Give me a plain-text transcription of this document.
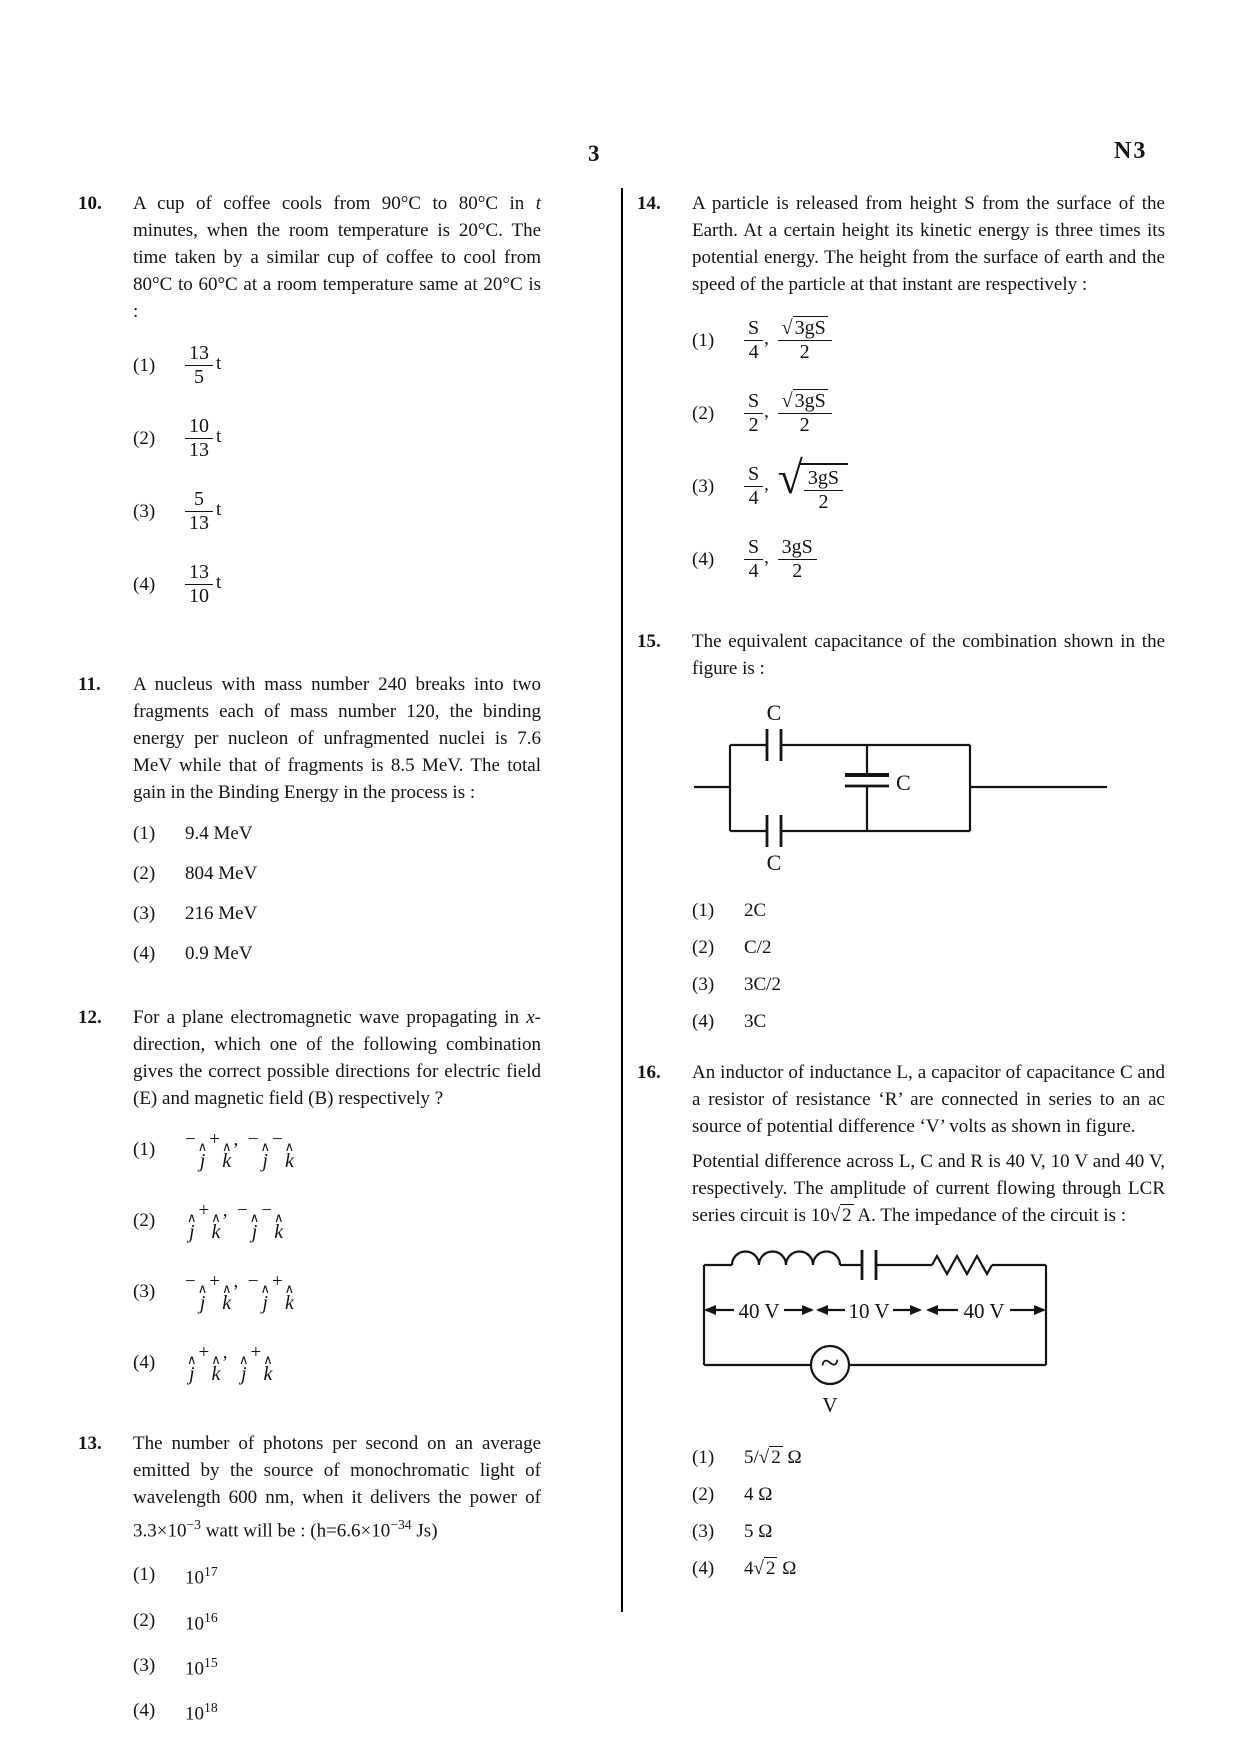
3	N3
10.	A cup of coffee cools from 90°C to 80°C in t minutes, when the room temperature is 20°C. The time taken by a similar cup of coffee to cool from 80°C to 60°C at a room temperature same at 20°C is :

(1)	$\frac{13}{5}$ t
(2)	$\frac{10}{13}$ t
(3)	$\frac{5}{13}$ t
(4)	$\frac{13}{10}$ t
11.	A nucleus with mass number 240 breaks into two fragments each of mass number 120, the binding energy per nucleon of unfragmented nuclei is 7.6 MeV while that of fragments is 8.5 MeV. The total gain in the Binding Energy in the process is :

(1)	9.4 MeV
(2)	804 MeV
(3)	216 MeV
(4)	0.9 MeV
12.	For a plane electromagnetic wave propagating in x-direction, which one of the following combination gives the correct possible directions for electric field (E) and magnetic field (B) respectively ?

(1)	− ∧
j
+ ∧
k
,  − ∧
j
− ∧
k
(2)	∧
j
+ ∧
k
,  − ∧
j
− ∧
k
(3)	− ∧
j
+ ∧
k
,  − ∧
j
+ ∧
k
(4)	∧
j
+ ∧
k
, ∧
j
+ ∧
k
13.	The number of photons per second on an average emitted by the source of monochromatic light of wavelength 600 nm, when it delivers the power of $3.3\times 10^{-3}$ watt will be : ($h=6.6\times 10^{-34}$ Js)

(1)	$10^{17}$
(2)	$10^{16}$
(3)	$10^{15}$
(4)	$10^{18}$
14.	A particle is released from height S from the surface of the Earth. At a certain height its kinetic energy is three times its potential energy. The height from the surface of earth and the speed of the particle at that instant are respectively :

(1)	$\frac{S}{4}$ , $\frac{√ 3gS}{2}$
(2)	$\frac{S}{2}$ , $\frac{√ 3gS}{2}$
(3)	$\frac{S}{4}$ , √ $\frac{3gS}{2}$
(4)	$\frac{S}{4}$ , $\frac{3gS}{2}$
15.	The equivalent capacitance of the combination shown in the figure is :

C
C
C
(1)	2C
(2)	C/2
(3)	3C/2
(4)	3C
16.	An inductor of inductance L, a capacitor of capacitance C and a resistor of resistance ‘R’ are connected in series to an ac source of potential difference ‘V’ volts as shown in figure.

Potential difference across L, C and R is 40 V, 10 V and 40 V, respectively. The amplitude of current flowing through LCR series circuit is 10√ 2 A. The impedance of the circuit is :

40 V	10 V	40 V
~
V
(1)	5/√ 2 Ω
(2)	4 Ω
(3)	5 Ω
(4)	4√ 2 Ω
